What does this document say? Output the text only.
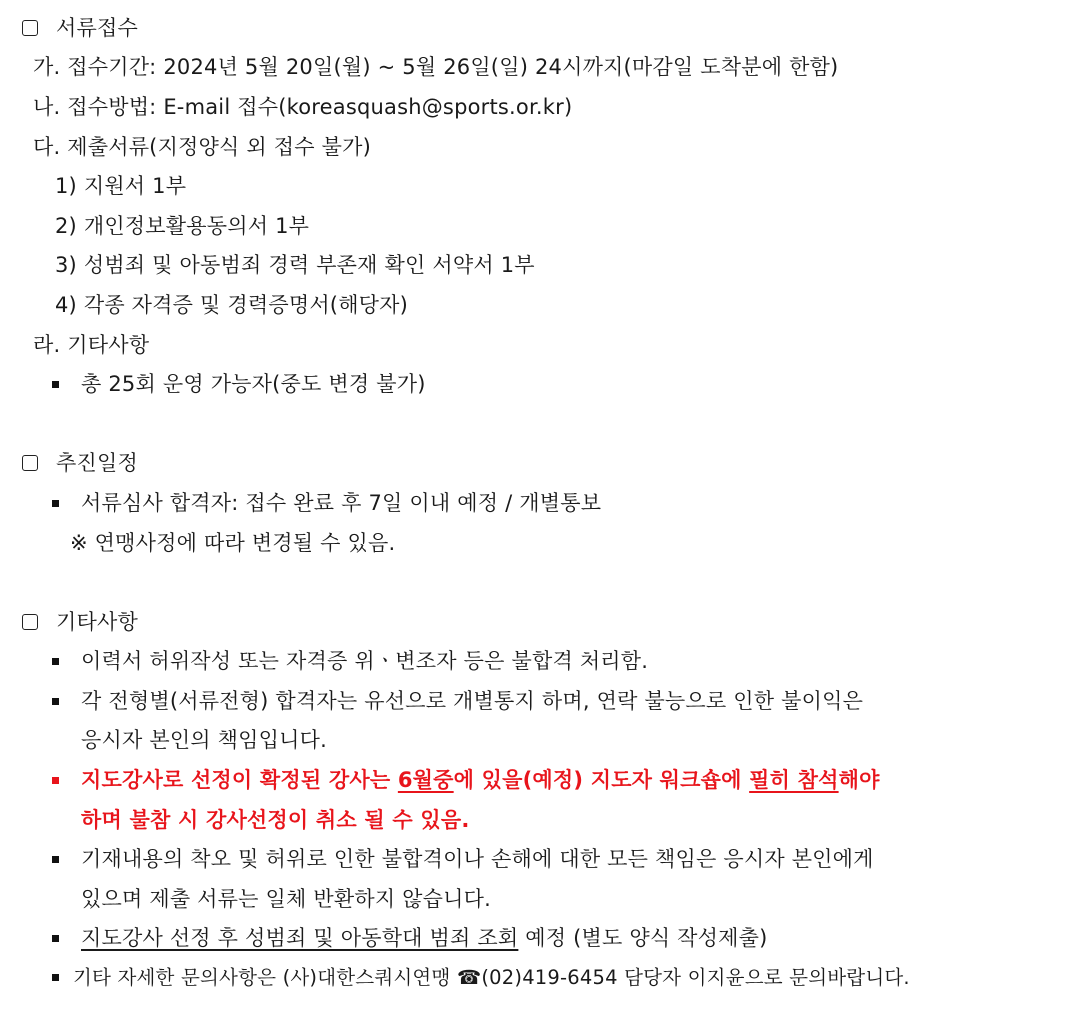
서류접수
가. 접수기간: 2024년 5월 20일(월) ~ 5월 26일(일) 24시까지(마감일 도착분에 한함)
나. 접수방법: E-mail 접수(koreasquash@sports.or.kr)
다. 제출서류(지정양식 외 접수 불가)
1) 지원서 1부
2) 개인정보활용동의서 1부
3) 성범죄 및 아동범죄 경력 부존재 확인 서약서 1부
4) 각종 자격증 및 경력증명서(해당자)
라. 기타사항
총 25회 운영 가능자(중도 변경 불가)
추진일정
서류심사 합격자: 접수 완료 후 7일 이내 예정 / 개별통보
※ 연맹사정에 따라 변경될 수 있음.
기타사항
이력서 허위작성 또는 자격증 위ㆍ변조자 등은 불합격 처리함.
각 전형별(서류전형) 합격자는 유선으로 개별통지 하며, 연락 불능으로 인한 불이익은
응시자 본인의 책임입니다.
지도강사로 선정이 확정된 강사는 6월중에 있을(예정) 지도자 워크숍에 필히 참석해야
하며 불참 시 강사선정이 취소 될 수 있음.
기재내용의 착오 및 허위로 인한 불합격이나 손해에 대한 모든 책임은 응시자 본인에게
있으며 제출 서류는 일체 반환하지 않습니다.
지도강사 선정 후 성범죄 및 아동학대 범죄 조회 예정 (별도 양식 작성제출)
기타 자세한 문의사항은 (사)대한스쿼시연맹 ☎(02)419-6454 담당자 이지윤으로 문의바랍니다.
